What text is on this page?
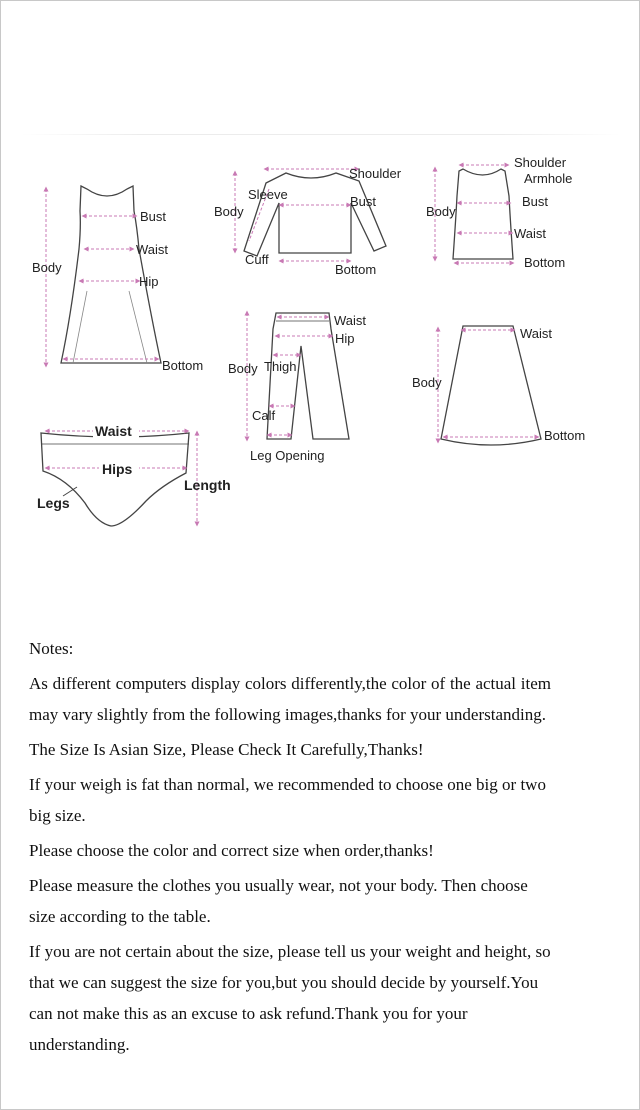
Bust
Waist
Hip
Body
Bottom
Shoulder
Sleeve
Body
Bust
Cuff
Bottom
Shoulder
Armhole
Body
Bust
Waist
Bottom
Waist
Hip
Body Thigh
Calf
Leg Opening
Waist
Body
Bottom
Waist
Hips
Length
Legs

Notes:

As different computers display colors differently,the color of the actual item may vary slightly from the following images,thanks for your understanding.

The Size Is Asian Size, Please Check It Carefully,Thanks!

If your weigh is fat than normal, we recommended to choose one big or two big size.

Please choose the color and correct size when order,thanks!

Please measure the clothes you usually wear, not your body. Then choose size according to the table.

If you are not certain about the size, please tell us your weight and height, so that we can suggest the size for you,but you should decide by yourself.You can not make this as an excuse to ask refund.Thank you for your understanding.
